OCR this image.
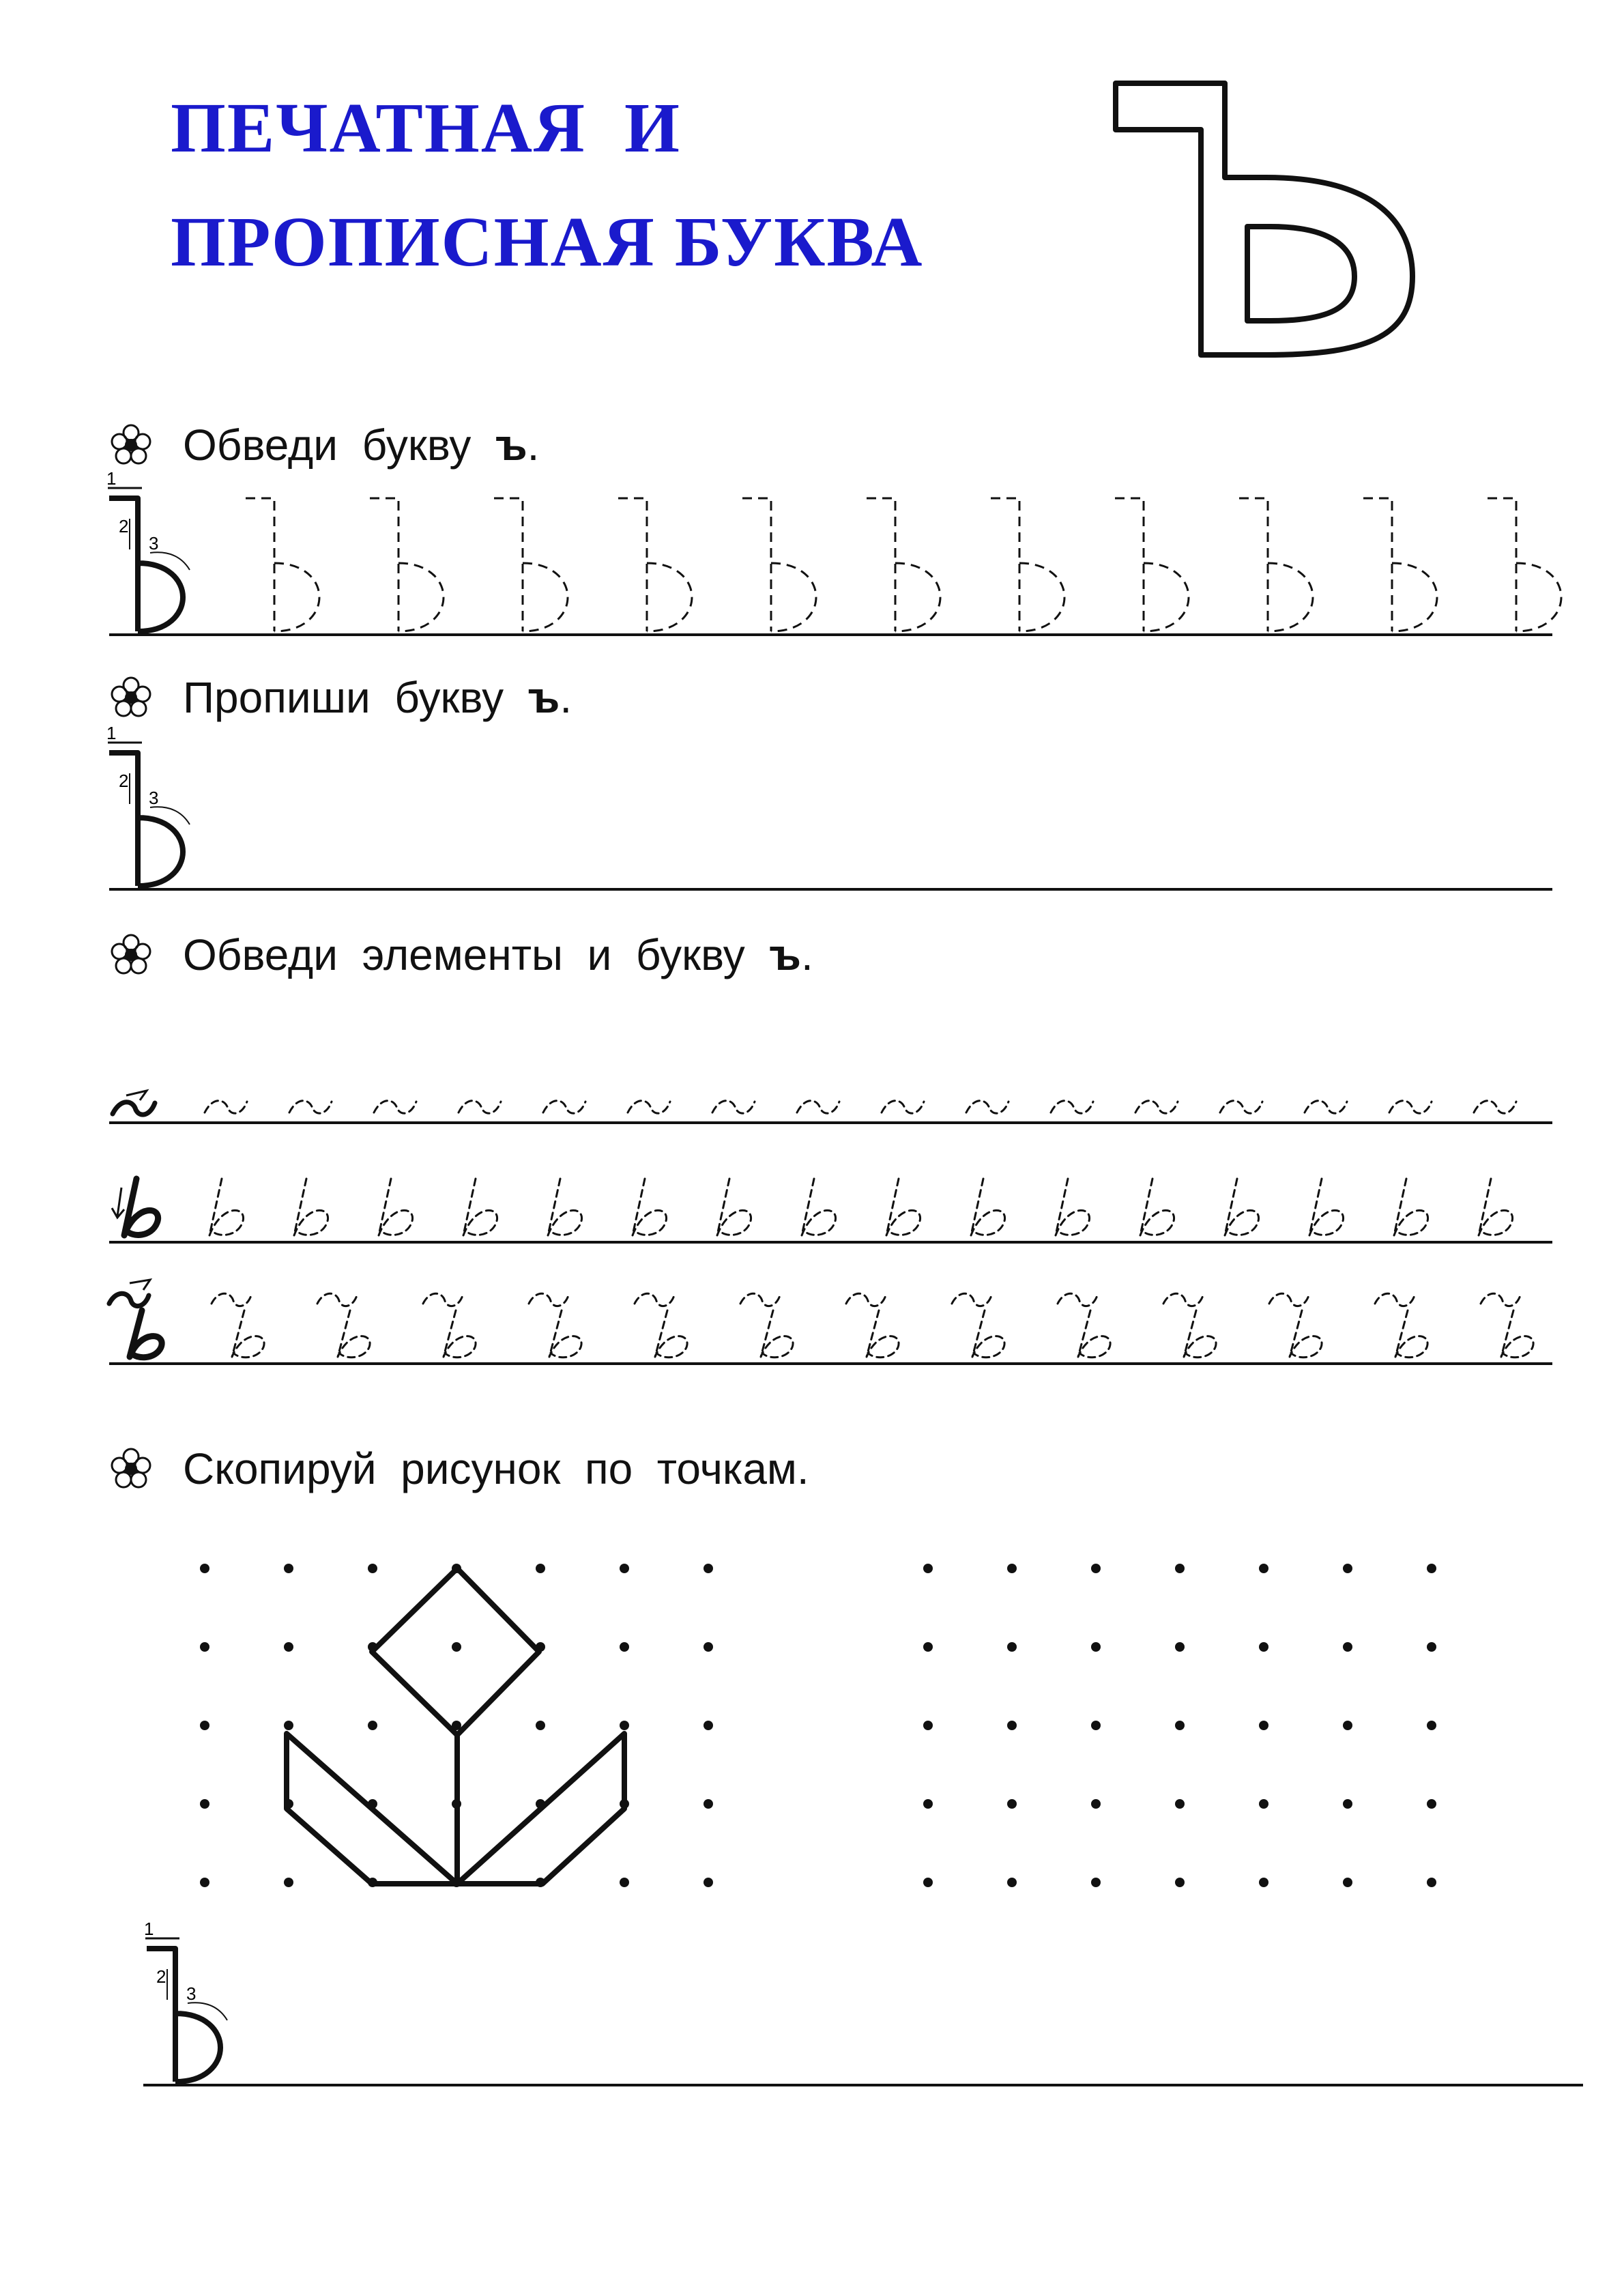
ПЕЧАТНАЯ  И
ПРОПИСНАЯ БУКВА
Обведи  букву ъ .
Пропиши  букву ъ .
Обведи  элементы  и  букву ъ .
Скопируй  рисунок  по  точкам.
1
2
3
1
2
3
1
2
3
